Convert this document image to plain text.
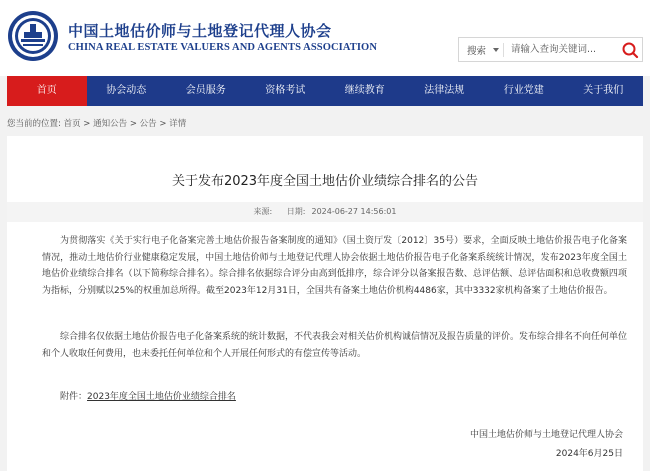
中国土地估价师与土地登记代理人协会
CHINA REAL ESTATE VALUERS AND AGENTS ASSOCIATION	搜索
请输入查询关键词...
首页	协会动态	会员服务	资格考试	继续教育	法律法规	行业党建	关于我们
您当前的位置: 首页 > 通知公告 > 公告 > 详情
关于发布2023年度全国土地估价业绩综合排名的公告
来源: 日期: 2024-06-27 14:56:01

为贯彻落实《关于实行电子化备案完善土地估价报告备案制度的通知》（国土资厅发〔2012〕35号）要求，全面反映土地估价报告电子化备案情况，推动土地估价行业健康稳定发展，中国土地估价师与土地登记代理人协会依据土地估价报告电子化备案系统统计情况，发布2023年度全国土地估价业绩综合排名（以下简称综合排名）。综合排名依据综合评分由高到低排序，综合评分以备案报告数、总评估额、总评估面积和总收费额四项为指标，分别赋以25%的权重加总所得。截至2023年12月31日，全国共有备案土地估价机构4486家，其中3332家机构备案了土地估价报告。

综合排名仅依据土地估价报告电子化备案系统的统计数据，不代表我会对相关估价机构诚信情况及报告质量的评价。发布综合排名不向任何单位和个人收取任何费用，也未委托任何单位和个人开展任何形式的有偿宣传等活动。

附件：2023年度全国土地估价业绩综合排名
中国土地估价师与土地登记代理人协会
2024年6月25日
